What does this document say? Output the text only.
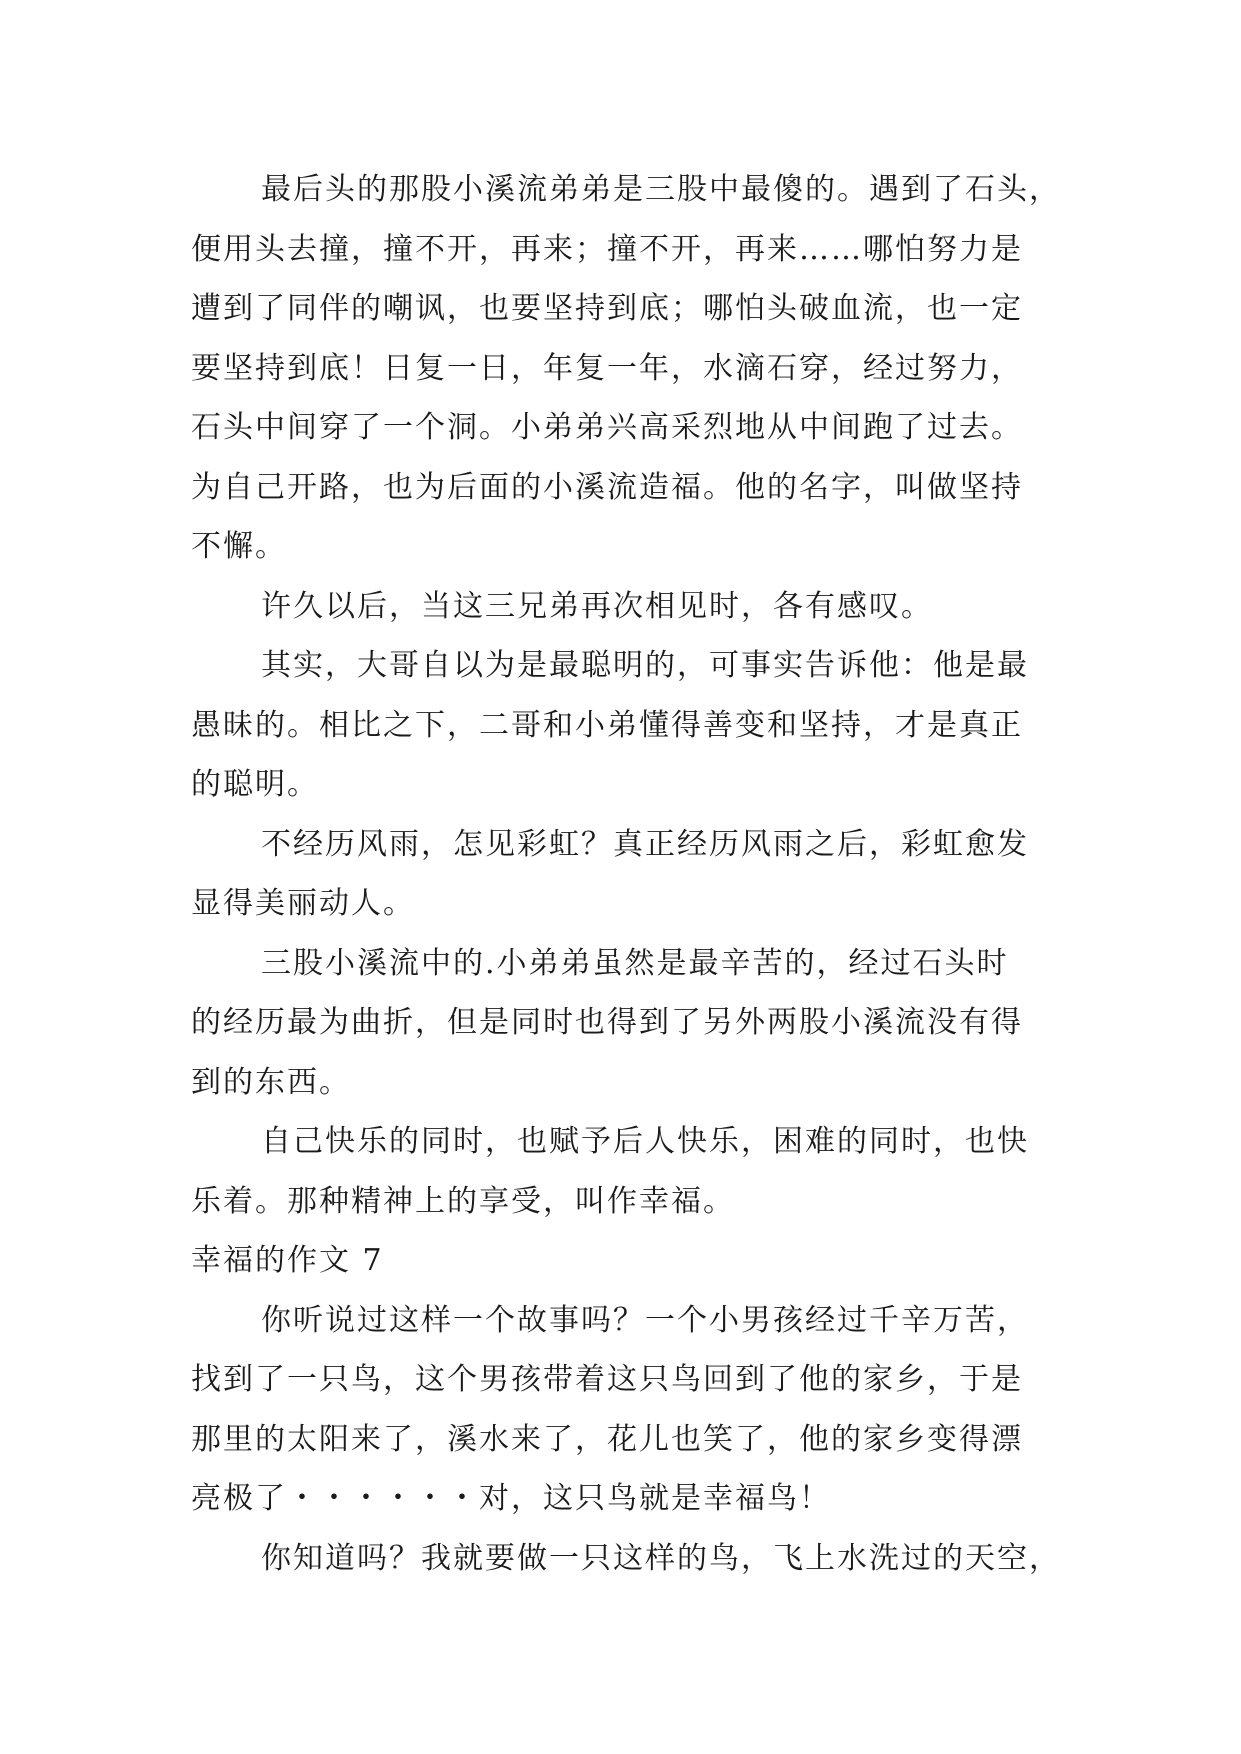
最后头的那股小溪流弟弟是三股中最傻的。遇到了石头，
便用头去撞，撞不开，再来；撞不开，再来……哪怕努力是
遭到了同伴的嘲讽，也要坚持到底；哪怕头破血流，也一定
要坚持到底！日复一日，年复一年，水滴石穿，经过努力，
石头中间穿了一个洞。小弟弟兴高采烈地从中间跑了过去。
为自己开路，也为后面的小溪流造福。他的名字，叫做坚持
不懈。
许久以后，当这三兄弟再次相见时，各有感叹。
其实，大哥自以为是最聪明的，可事实告诉他：他是最
愚昧的。相比之下，二哥和小弟懂得善变和坚持，才是真正
的聪明。
不经历风雨，怎见彩虹？真正经历风雨之后，彩虹愈发
显得美丽动人。
三股小溪流中的.小弟弟虽然是最辛苦的，经过石头时
的经历最为曲折，但是同时也得到了另外两股小溪流没有得
到的东西。
自己快乐的同时，也赋予后人快乐，困难的同时，也快
乐着。那种精神上的享受，叫作幸福。
幸福的作文 7
你听说过这样一个故事吗？一个小男孩经过千辛万苦，
找到了一只鸟，这个男孩带着这只鸟回到了他的家乡，于是
那里的太阳来了，溪水来了，花儿也笑了，他的家乡变得漂
亮极了・・・・・・对，这只鸟就是幸福鸟！
你知道吗？我就要做一只这样的鸟，飞上水洗过的天空，
